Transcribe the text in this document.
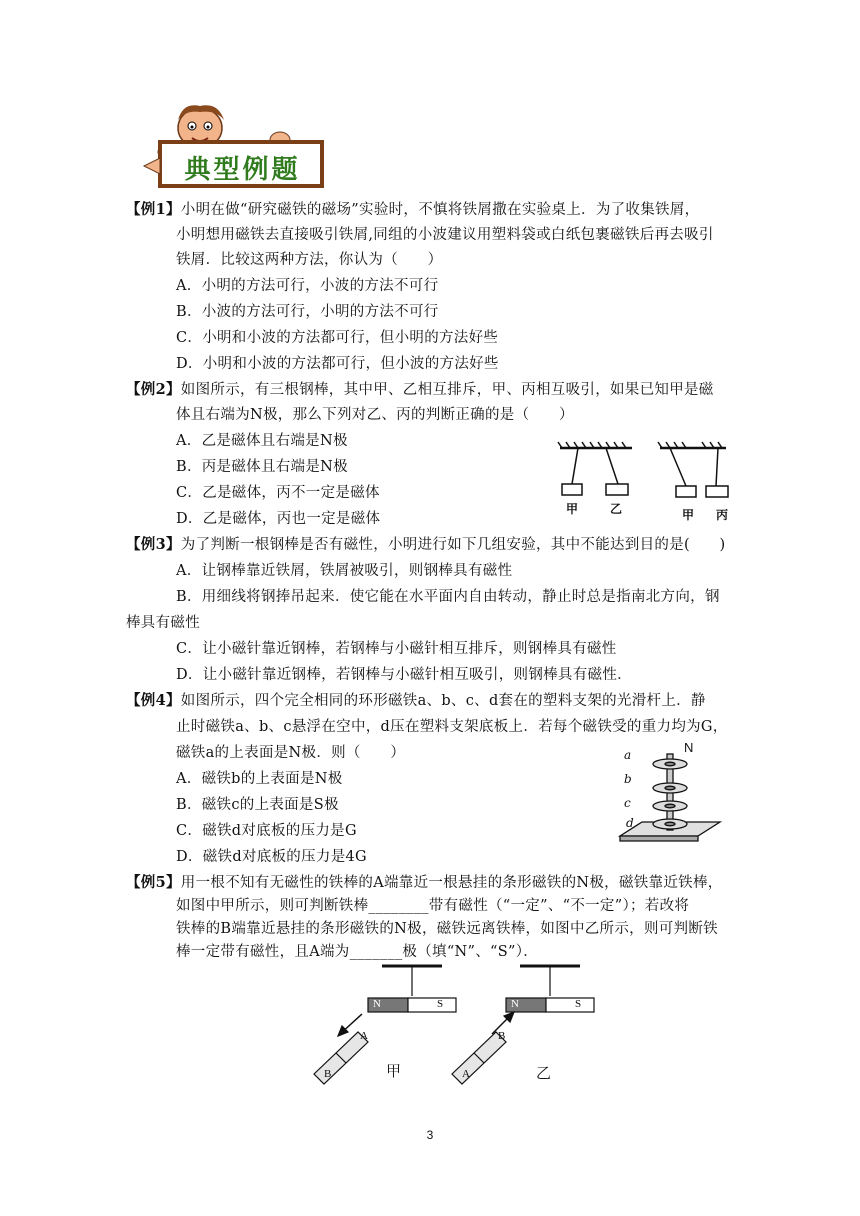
典型例题
【例1】小明在做“研究磁铁的磁场”实验时，不慎将铁屑撒在实验桌上．为了收集铁屑，
小明想用磁铁去直接吸引铁屑,同组的小波建议用塑料袋或白纸包裹磁铁后再去吸引
铁屑．比较这两种方法，你认为（　　）
A．小明的方法可行，小波的方法不可行
B．小波的方法可行，小明的方法不可行
C．小明和小波的方法都可行，但小明的方法好些
D．小明和小波的方法都可行，但小波的方法好些
【例2】如图所示，有三根钢棒，其中甲、乙相互排斥，甲、丙相互吸引，如果已知甲是磁
体且右端为N极，那么下列对乙、丙的判断正确的是（　　）
A．乙是磁体且右端是N极
B．丙是磁体且右端是N极
C．乙是磁体，丙不一定是磁体
D．乙是磁体，丙也一定是磁体
甲	乙	甲 丙
【例3】为了判断一根钢棒是否有磁性，小明进行如下几组安验，其中不能达到目的是(　　)
A．让钢棒靠近铁屑，铁屑被吸引，则钢棒具有磁性
B．用细线将钢捧吊起来．使它能在水平面内自由转动，静止时总是指南北方向，钢
棒具有磁性
C．让小磁针靠近钢棒，若钢棒与小磁针相互排斥，则钢棒具有磁性
D．让小磁针靠近钢棒，若钢棒与小磁针相互吸引，则钢棒具有磁性．
【例4】如图所示，四个完全相同的环形磁铁a、b、c、d套在的塑料支架的光滑杆上．静
止时磁铁a、b、c悬浮在空中，d压在塑料支架底板上．若每个磁铁受的重力均为G，
磁铁a的上表面是N极．则（　　）
A．磁铁b的上表面是N极
B．磁铁c的上表面是S极
C．磁铁d对底板的压力是G
D．磁铁d对底板的压力是4G
a
b
c
d
N
【例5】用一根不知有无磁性的铁棒的A端靠近一根悬挂的条形磁铁的N极，磁铁靠近铁棒，
如图中甲所示，则可判断铁棒________带有磁性（“一定”、“不一定”）；若改将
铁棒的B端靠近悬挂的条形磁铁的N极，磁铁远离铁棒，如图中乙所示，则可判断铁
棒一定带有磁性，且A端为_______极（填“N”、“S”）．
N	S
A
B	甲
N	S
B
A	乙
3
